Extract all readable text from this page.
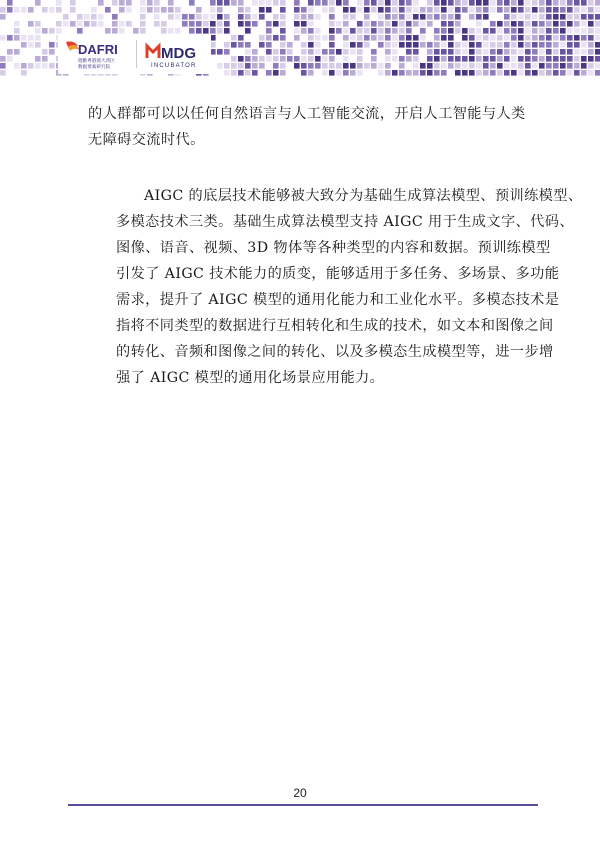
DAFRI
德勤粤港澳大湾区
数据要素研究院
MDG
INCUBATOR
的人群都可以以任何自然语言与人工智能交流，开启人工智能与人类
无障碍交流时代。
AIGC 的底层技术能够被大致分为基础生成算法模型、预训练模型、
多模态技术三类。基础生成算法模型支持 AIGC 用于生成文字、代码、
图像、语音、视频、3D 物体等各种类型的内容和数据。预训练模型
引发了 AIGC 技术能力的质变，能够适用于多任务、多场景、多功能
需求，提升了 AIGC 模型的通用化能力和工业化水平。多模态技术是
指将不同类型的数据进行互相转化和生成的技术，如文本和图像之间
的转化、音频和图像之间的转化、以及多模态生成模型等，进一步增
强了 AIGC 模型的通用化场景应用能力。
20
